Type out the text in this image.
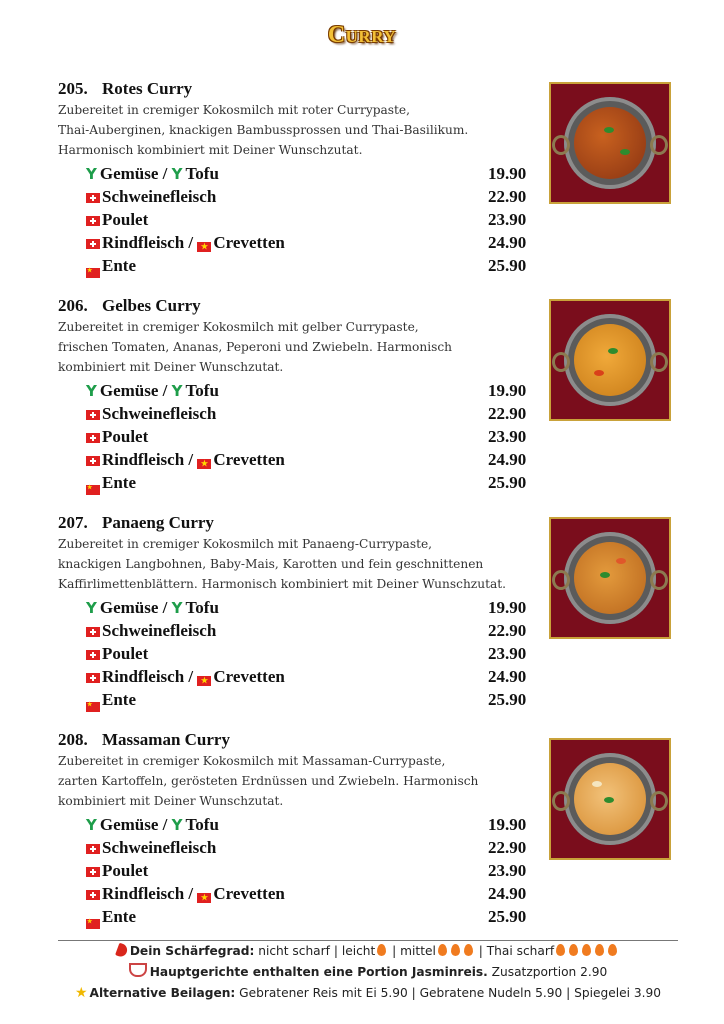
Curry
205. Rotes Curry
Zubereitet in cremiger Kokosmilch mit roter Currypaste,
Thai-Auberginen, knackigen Bambussprossen und Thai-Basilikum.
Harmonisch kombiniert mit Deiner Wunschzutat.
Y Gemüse / Y Tofu	19.90
Schweinefleisch	22.90
Poulet	23.90
Rindfleisch / ★ Crevetten	24.90
★ Ente	25.90
206. Gelbes Curry
Zubereitet in cremiger Kokosmilch mit gelber Currypaste,
frischen Tomaten, Ananas, Peperoni und Zwiebeln. Harmonisch
kombiniert mit Deiner Wunschzutat.
Y Gemüse / Y Tofu	19.90
Schweinefleisch	22.90
Poulet	23.90
Rindfleisch / ★ Crevetten	24.90
★ Ente	25.90
207. Panaeng Curry
Zubereitet in cremiger Kokosmilch mit Panaeng-Currypaste,
knackigen Langbohnen, Baby-Mais, Karotten und fein geschnittenen
Kaffirlimettenblättern. Harmonisch kombiniert mit Deiner Wunschzutat.
Y Gemüse / Y Tofu	19.90
Schweinefleisch	22.90
Poulet	23.90
Rindfleisch / ★ Crevetten	24.90
★ Ente	25.90
208. Massaman Curry
Zubereitet in cremiger Kokosmilch mit Massaman-Currypaste,
zarten Kartoffeln, gerösteten Erdnüssen und Zwiebeln. Harmonisch
kombiniert mit Deiner Wunschzutat.
Y Gemüse / Y Tofu	19.90
Schweinefleisch	22.90
Poulet	23.90
Rindfleisch / ★ Crevetten	24.90
★ Ente	25.90
Dein Schärfegrad: nicht scharf | leicht | mittel	| Thai scharf
Hauptgerichte enthalten eine Portion Jasminreis. Zusatzportion 2.90
★ Alternative Beilagen: Gebratener Reis mit Ei 5.90 | Gebratene Nudeln 5.90 | Spiegelei 3.90
